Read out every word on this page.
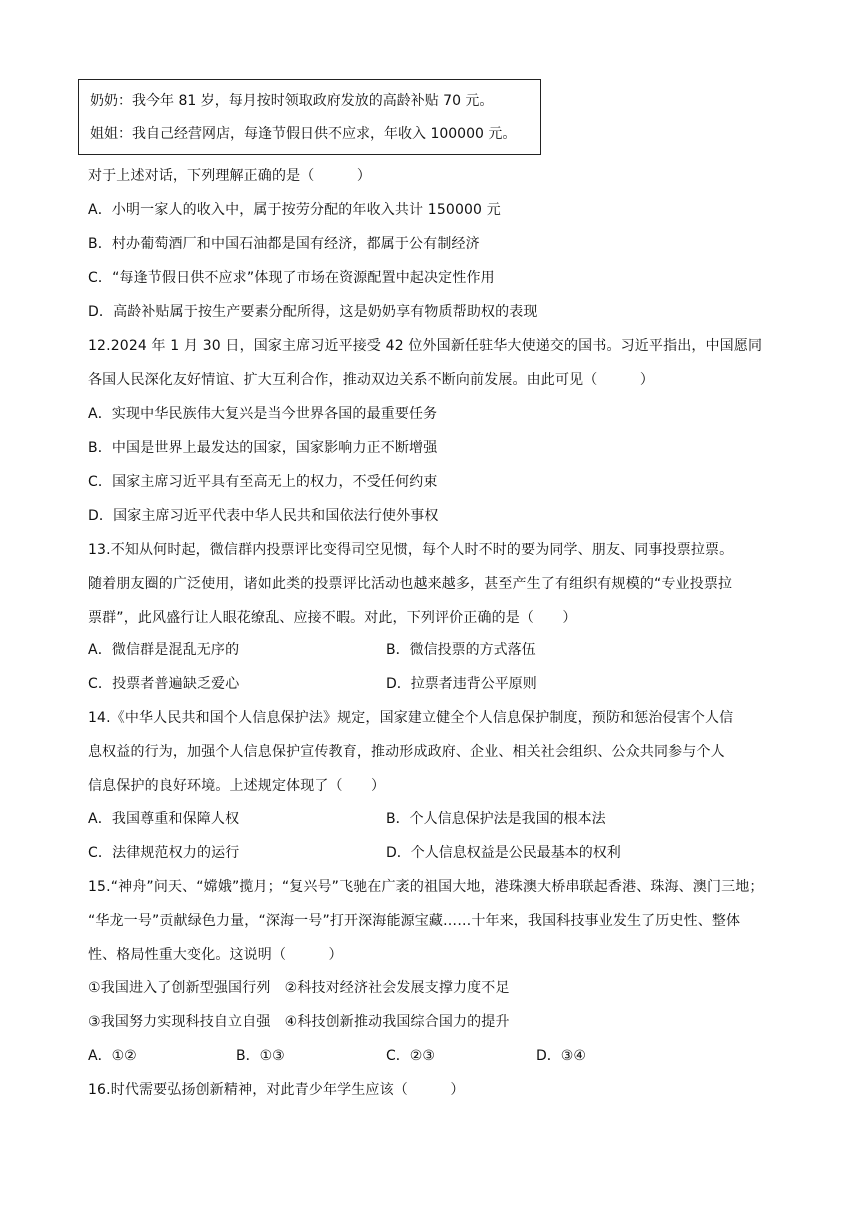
奶奶：我今年 81 岁，每月按时领取政府发放的高龄补贴 70 元。
姐姐：我自己经营网店，每逢节假日供不应求，年收入 100000 元。
对于上述对话，下列理解正确的是（　　　）
A．小明一家人的收入中，属于按劳分配的年收入共计 150000 元
B．村办葡萄酒厂和中国石油都是国有经济，都属于公有制经济
C．“每逢节假日供不应求”体现了市场在资源配置中起决定性作用
D．高龄补贴属于按生产要素分配所得，这是奶奶享有物质帮助权的表现
12.2024 年 1 月 30 日，国家主席习近平接受 42 位外国新任驻华大使递交的国书。习近平指出，中国愿同
各国人民深化友好情谊、扩大互利合作，推动双边关系不断向前发展。由此可见（　　　）
A．实现中华民族伟大复兴是当今世界各国的最重要任务
B．中国是世界上最发达的国家，国家影响力正不断增强
C．国家主席习近平具有至高无上的权力，不受任何约束
D．国家主席习近平代表中华人民共和国依法行使外事权
13.不知从何时起，微信群内投票评比变得司空见惯，每个人时不时的要为同学、朋友、同事投票拉票。
随着朋友圈的广泛使用，诸如此类的投票评比活动也越来越多，甚至产生了有组织有规模的“专业投票拉
票群”，此风盛行让人眼花缭乱、应接不暇。对此，下列评价正确的是（　　）
A．微信群是混乱无序的	B．微信投票的方式落伍
C．投票者普遍缺乏爱心	D．拉票者违背公平原则
14.《中华人民共和国个人信息保护法》规定，国家建立健全个人信息保护制度，预防和惩治侵害个人信
息权益的行为，加强个人信息保护宣传教育，推动形成政府、企业、相关社会组织、公众共同参与个人
信息保护的良好环境。上述规定体现了（　　）
A．我国尊重和保障人权	B．个人信息保护法是我国的根本法
C．法律规范权力的运行	D．个人信息权益是公民最基本的权利
15.“神舟”问天、“嫦娥”揽月；“复兴号”飞驰在广袤的祖国大地，港珠澳大桥串联起香港、珠海、澳门三地；
“华龙一号”贡献绿色力量，“深海一号”打开深海能源宝藏……十年来，我国科技事业发生了历史性、整体
性、格局性重大变化。这说明（　　　）
①我国进入了创新型强国行列　②科技对经济社会发展支撑力度不足
③我国努力实现科技自立自强　④科技创新推动我国综合国力的提升
A．①②	B．①③	C．②③	D．③④
16.时代需要弘扬创新精神，对此青少年学生应该（　　　）
